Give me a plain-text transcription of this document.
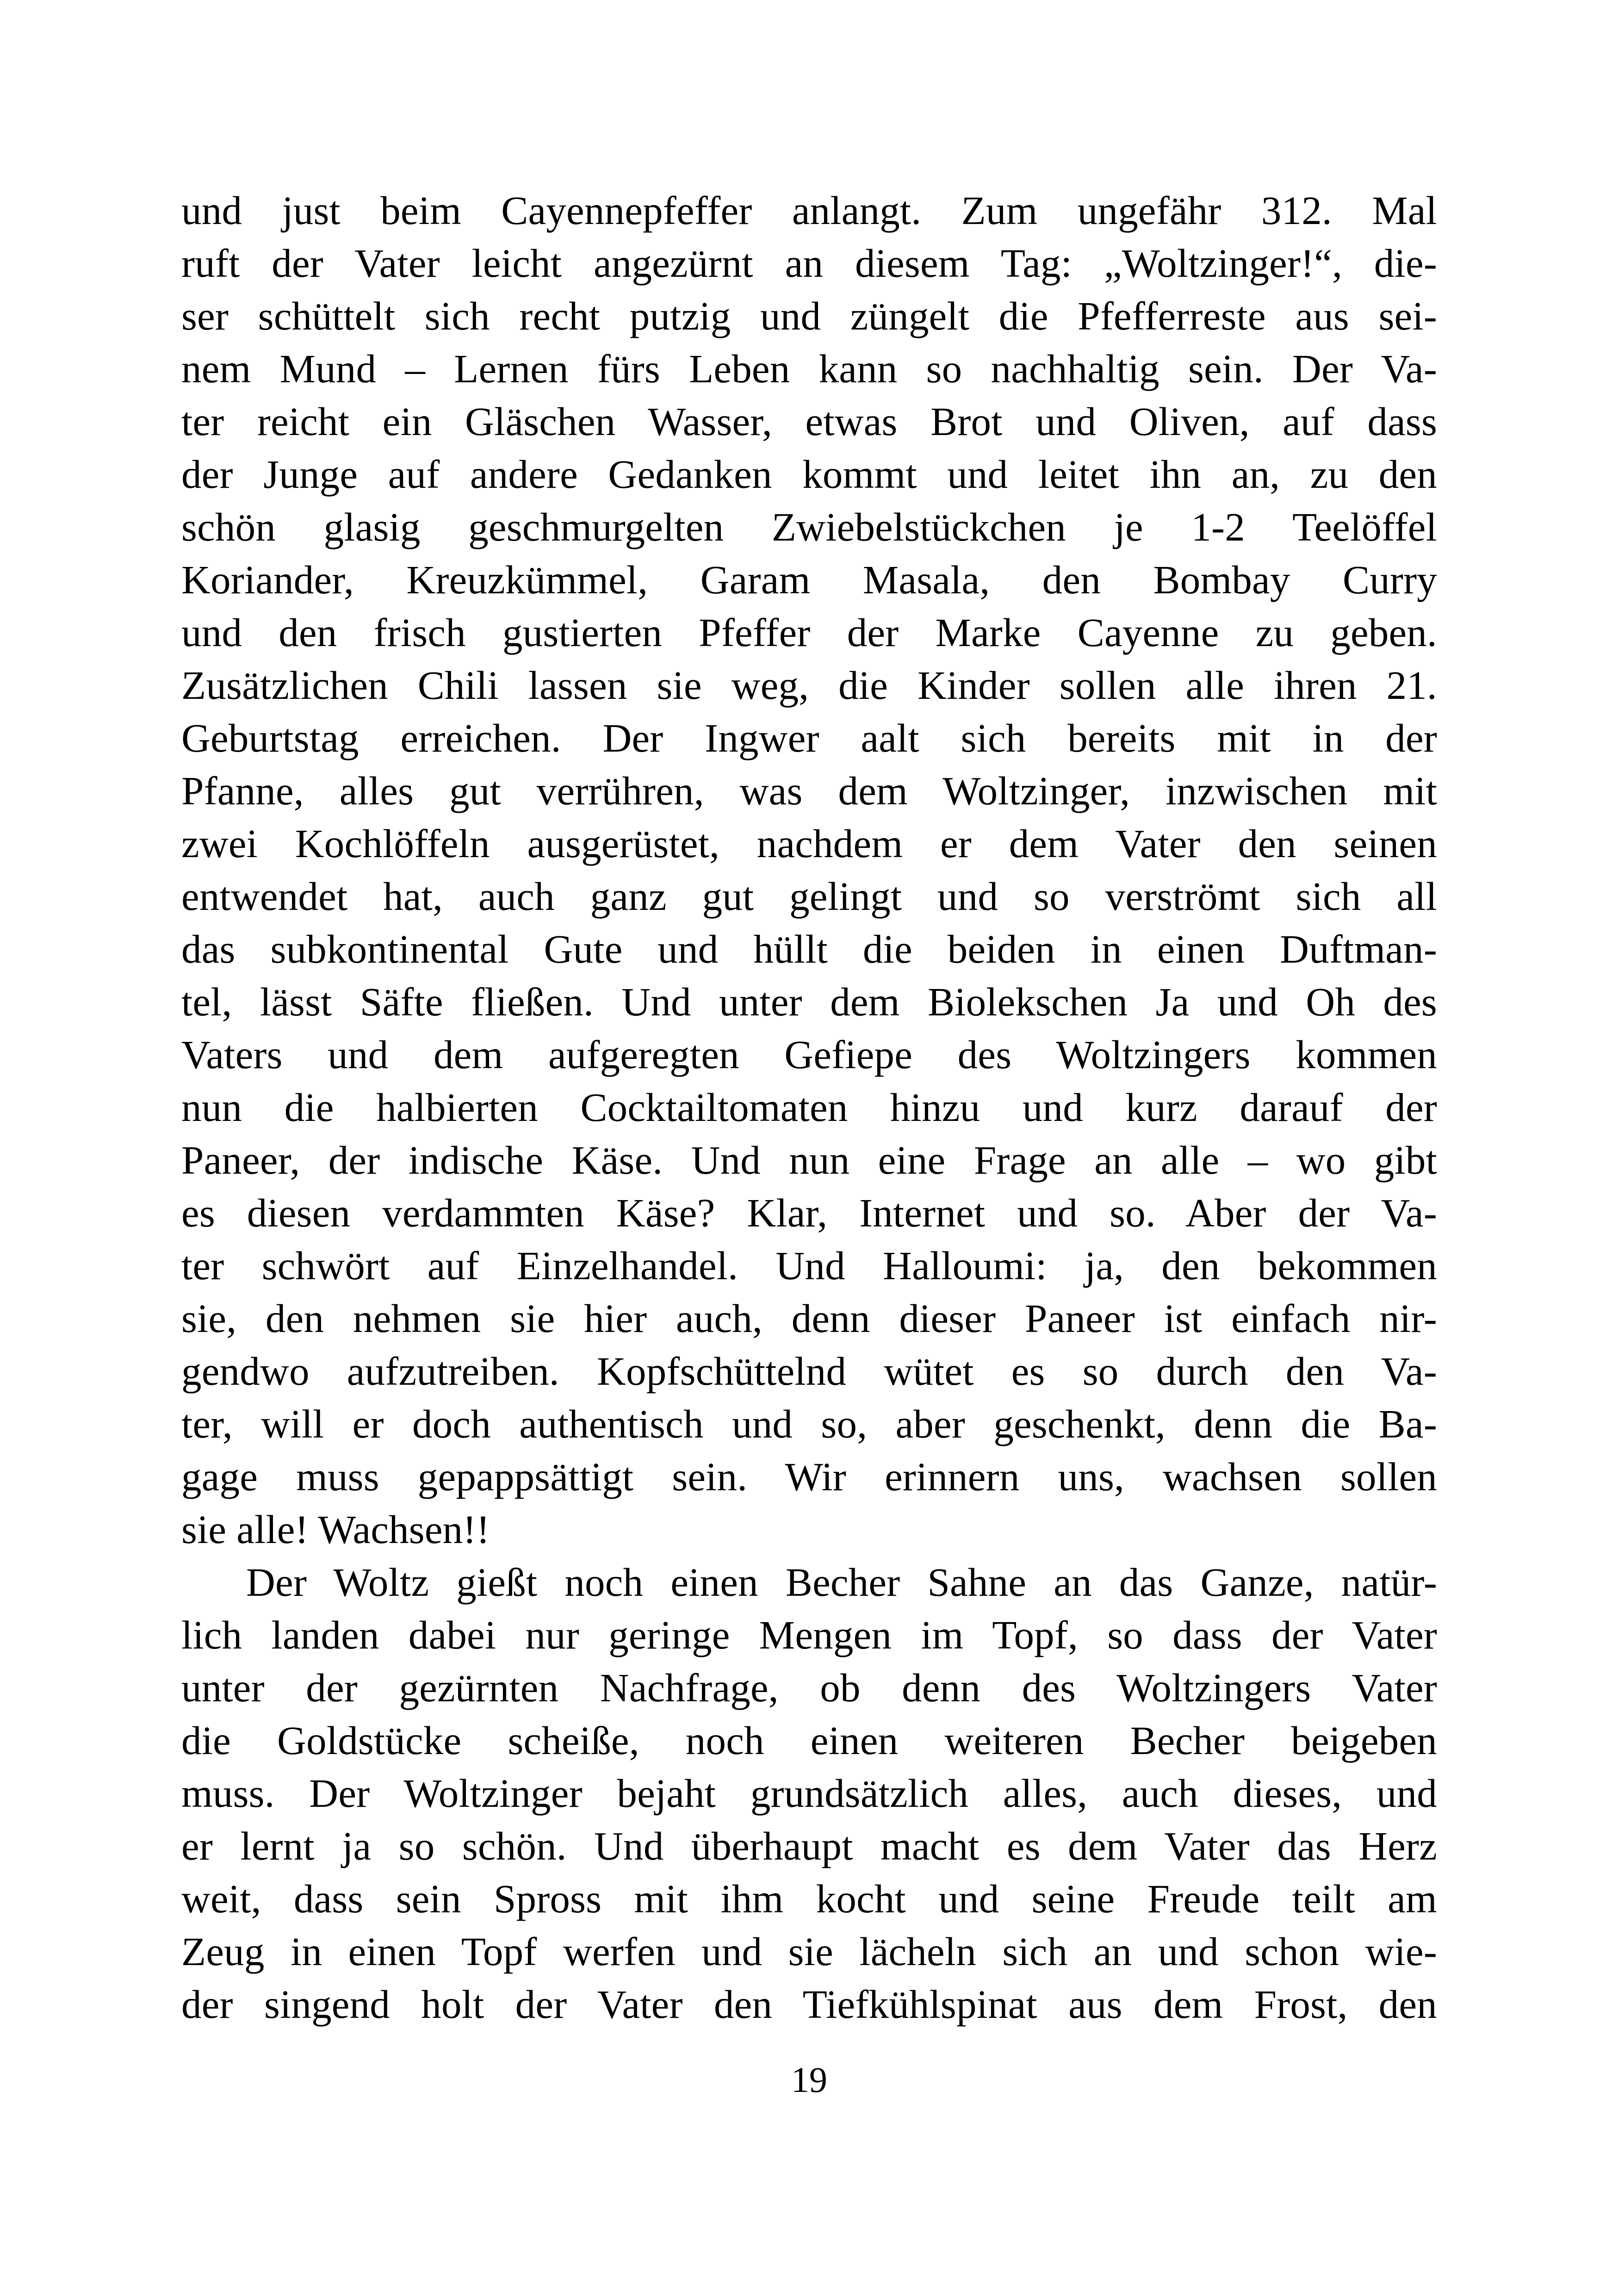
und just beim Cayennepfeffer anlangt. Zum ungefähr 312. Mal
ruft der Vater leicht angezürnt an diesem Tag: „Woltzinger!“, die-
ser schüttelt sich recht putzig und züngelt die Pfefferreste aus sei-
nem Mund – Lernen fürs Leben kann so nachhaltig sein. Der Va-
ter reicht ein Gläschen Wasser, etwas Brot und Oliven, auf dass
der Junge auf andere Gedanken kommt und leitet ihn an, zu den
schön glasig geschmurgelten Zwiebelstückchen je 1-2 Teelöffel
Koriander, Kreuzkümmel, Garam Masala, den Bombay Curry
und den frisch gustierten Pfeffer der Marke Cayenne zu geben.
Zusätzlichen Chili lassen sie weg, die Kinder sollen alle ihren 21.
Geburtstag erreichen. Der Ingwer aalt sich bereits mit in der
Pfanne, alles gut verrühren, was dem Woltzinger, inzwischen mit
zwei Kochlöffeln ausgerüstet, nachdem er dem Vater den seinen
entwendet hat, auch ganz gut gelingt und so verströmt sich all
das subkontinental Gute und hüllt die beiden in einen Duftman-
tel, lässt Säfte fließen. Und unter dem Biolekschen Ja und Oh des
Vaters und dem aufgeregten Gefiepe des Woltzingers kommen
nun die halbierten Cocktailtomaten hinzu und kurz darauf der
Paneer, der indische Käse. Und nun eine Frage an alle – wo gibt
es diesen verdammten Käse? Klar, Internet und so. Aber der Va-
ter schwört auf Einzelhandel. Und Halloumi: ja, den bekommen
sie, den nehmen sie hier auch, denn dieser Paneer ist einfach nir-
gendwo aufzutreiben. Kopfschüttelnd wütet es so durch den Va-
ter, will er doch authentisch und so, aber geschenkt, denn die Ba-
gage muss gepappsättigt sein. Wir erinnern uns, wachsen sollen
sie alle! Wachsen!!

Der Woltz gießt noch einen Becher Sahne an das Ganze, natür-
lich landen dabei nur geringe Mengen im Topf, so dass der Vater
unter der gezürnten Nachfrage, ob denn des Woltzingers Vater
die Goldstücke scheiße, noch einen weiteren Becher beigeben
muss. Der Woltzinger bejaht grundsätzlich alles, auch dieses, und
er lernt ja so schön. Und überhaupt macht es dem Vater das Herz
weit, dass sein Spross mit ihm kocht und seine Freude teilt am
Zeug in einen Topf werfen und sie lächeln sich an und schon wie-
der singend holt der Vater den Tiefkühlspinat aus dem Frost, den

19
